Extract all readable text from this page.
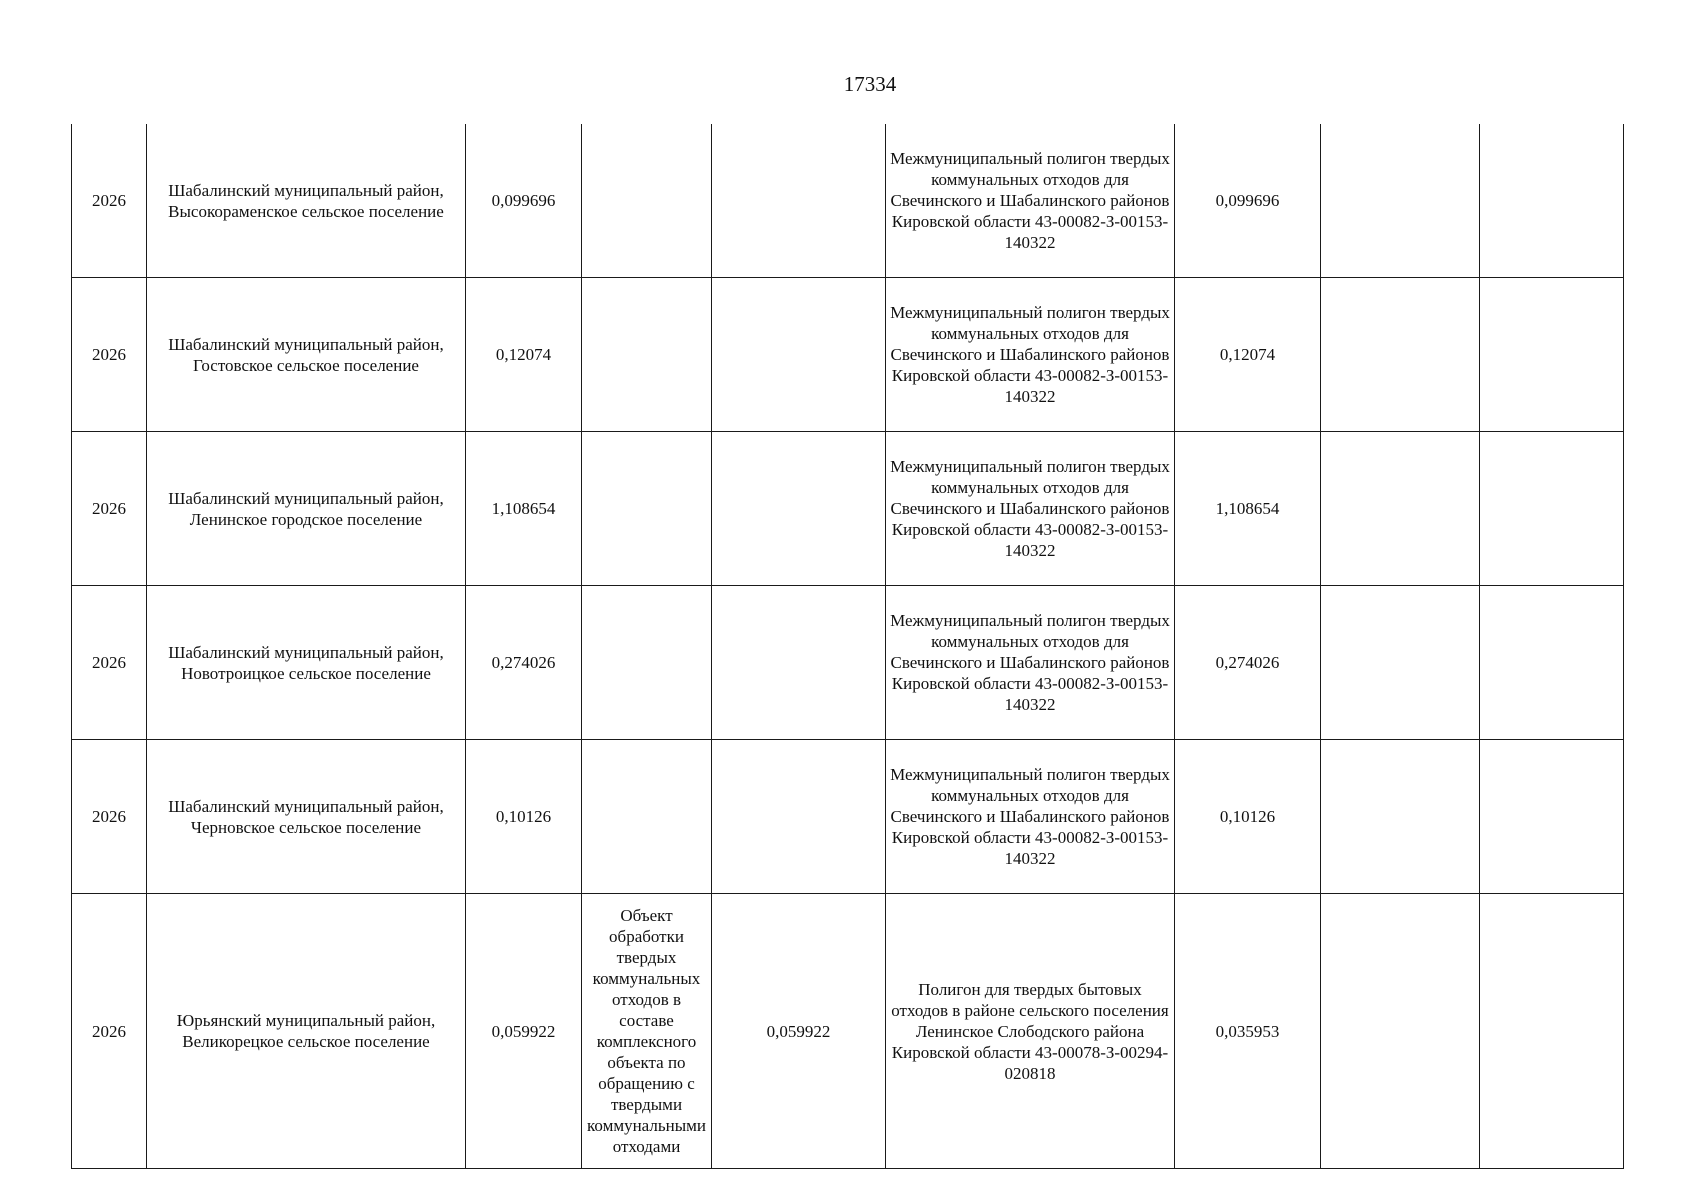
17334
2026	Шабалинский муниципальный район, Высокораменское сельское поселение	0,099696			Межмуниципальный полигон твердых коммунальных отходов для Свечинского и Шабалинского районов Кировской области 43-00082-З-00153-140322	0,099696		
2026	Шабалинский муниципальный район, Гостовское сельское поселение	0,12074			Межмуниципальный полигон твердых коммунальных отходов для Свечинского и Шабалинского районов Кировской области 43-00082-З-00153-140322	0,12074		
2026	Шабалинский муниципальный район, Ленинское городское поселение	1,108654			Межмуниципальный полигон твердых коммунальных отходов для Свечинского и Шабалинского районов Кировской области 43-00082-З-00153-140322	1,108654		
2026	Шабалинский муниципальный район, Новотроицкое сельское поселение	0,274026			Межмуниципальный полигон твердых коммунальных отходов для Свечинского и Шабалинского районов Кировской области 43-00082-З-00153-140322	0,274026		
2026	Шабалинский муниципальный район, Черновское сельское поселение	0,10126			Межмуниципальный полигон твердых коммунальных отходов для Свечинского и Шабалинского районов Кировской области 43-00082-З-00153-140322	0,10126		
2026	Юрьянский муниципальный район, Великорецкое сельское поселение	0,059922	Объект обработки твердых коммунальных отходов в составе комплексного объекта по обращению с твердыми коммунальными отходами	0,059922	Полигон для твердых бытовых отходов в районе сельского поселения Ленинское Слободского района Кировской области 43-00078-З-00294-020818	0,035953		
